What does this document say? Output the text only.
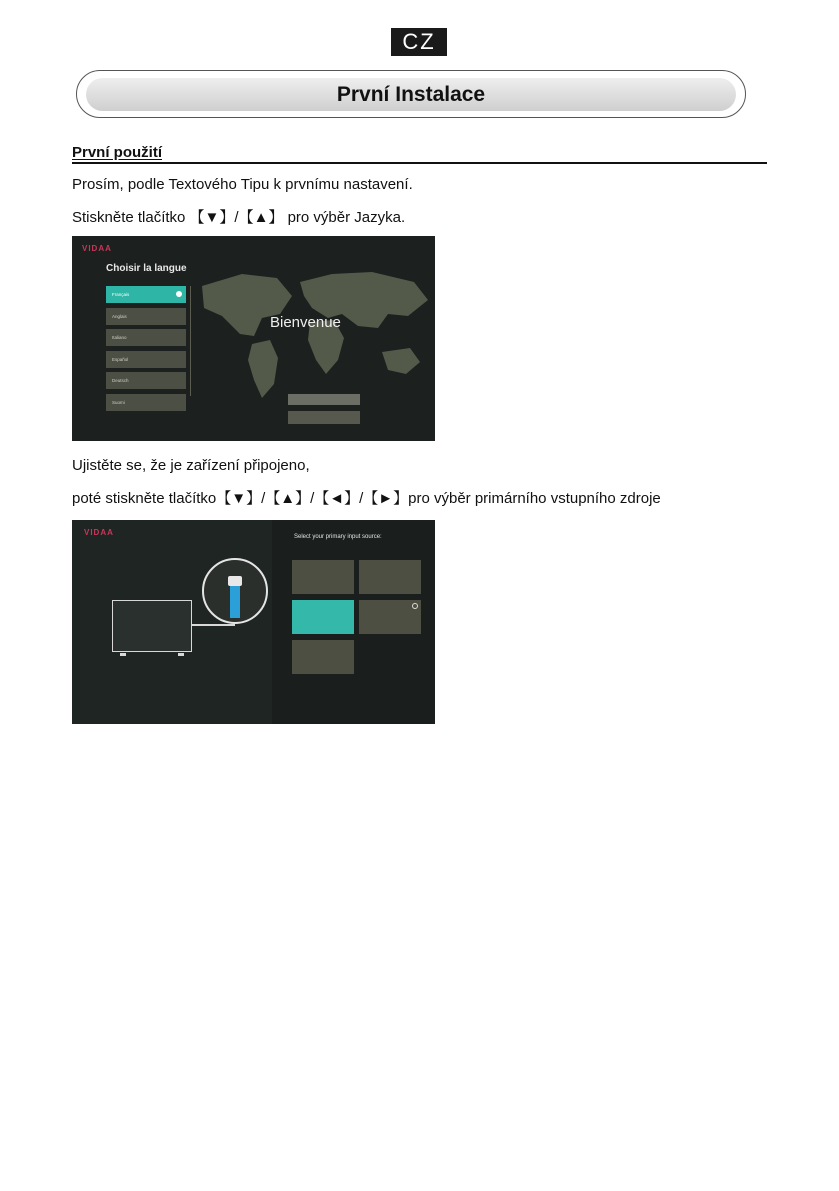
CZ
První Instalace
První použití
Prosím, podle Textového Tipu k prvnímu nastavení.
Stiskněte tlačítko 【▼】/【▲】 pro výběr Jazyka.
VIDAA
Choisir la langue
Français
Anglais
Italiano
Español
Deutsch
Suomi
Bienvenue
Ujistěte se, že je zařízení připojeno,
poté stiskněte tlačítko【▼】/【▲】/【◄】/【►】pro výběr primárního vstupního zdroje
VIDAA	Select your primary input source:
